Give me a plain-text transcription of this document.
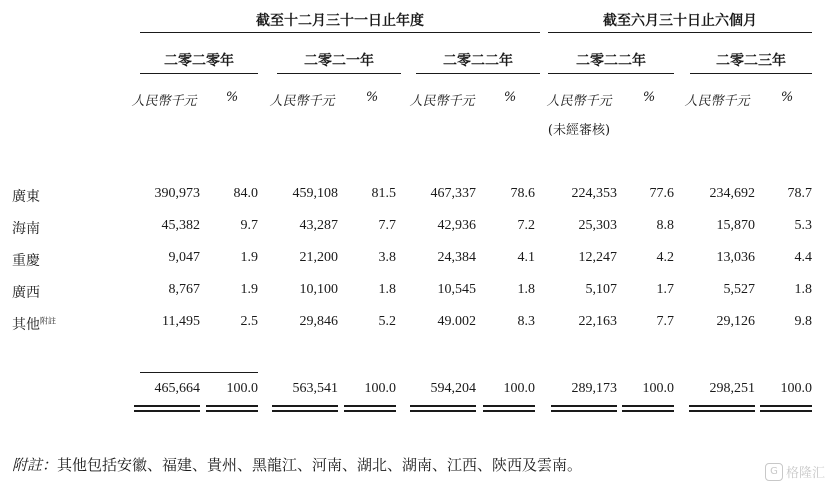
截至十二月三十一日止年度	截至六月三十日止六個月
二零二零年	二零二一年	二零二二年	二零二二年	二零二三年
人民幣千元 % 人民幣千元 % 人民幣千元 % 人民幣千元 % 人民幣千元 %
(未經審核)
廣東	390,973	84.0	459,108	81.5	467,337	78.6	224,353	77.6	234,692	78.7
海南	45,382	9.7	43,287	7.7	42,936	7.2	25,303	8.8	15,870	5.3
重慶	9,047	1.9	21,200	3.8	24,384	4.1	12,247	4.2	13,036	4.4
廣西	8,767	1.9	10,100	1.8	10,545	1.8	5,107	1.7	5,527	1.8
其他$^{附註}$	11,495	2.5	29,846	5.2	49.002	8.3	22,163	7.7	29,126	9.8
465,664	100.0	563,541	100.0	594,204	100.0	289,173	100.0	298,251	100.0
附註：其他包括安徽、福建、貴州、黑龍江、河南、湖北、湖南、江西、陝西及雲南。	G 格隆汇
